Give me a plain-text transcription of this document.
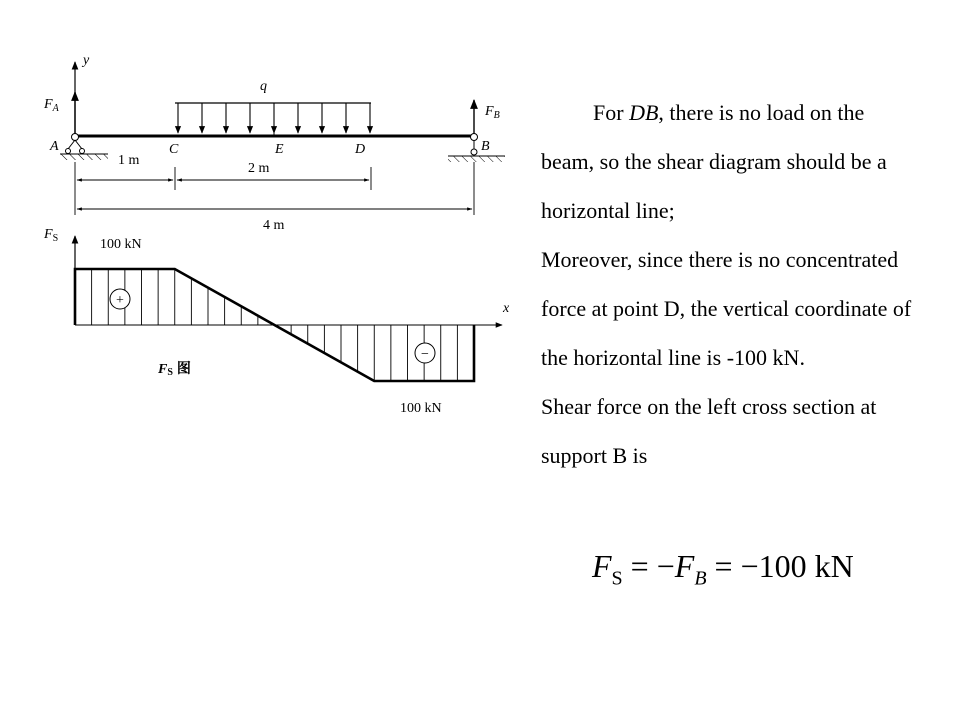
y
$F_A$	$F_B$
q
A	B
C	E	D
1 m
2 m
4 m
$F_S$
x
100 kN
100 kN
+
−
FS 图

For DB, there is no load on the beam, so the shear diagram should be a horizontal line;

Moreover, since there is no concentrated force at point D, the vertical coordinate of the horizontal line is -100 kN.

Shear force on the left cross section at support B is

$F_S = -F_B = -100$ kN
